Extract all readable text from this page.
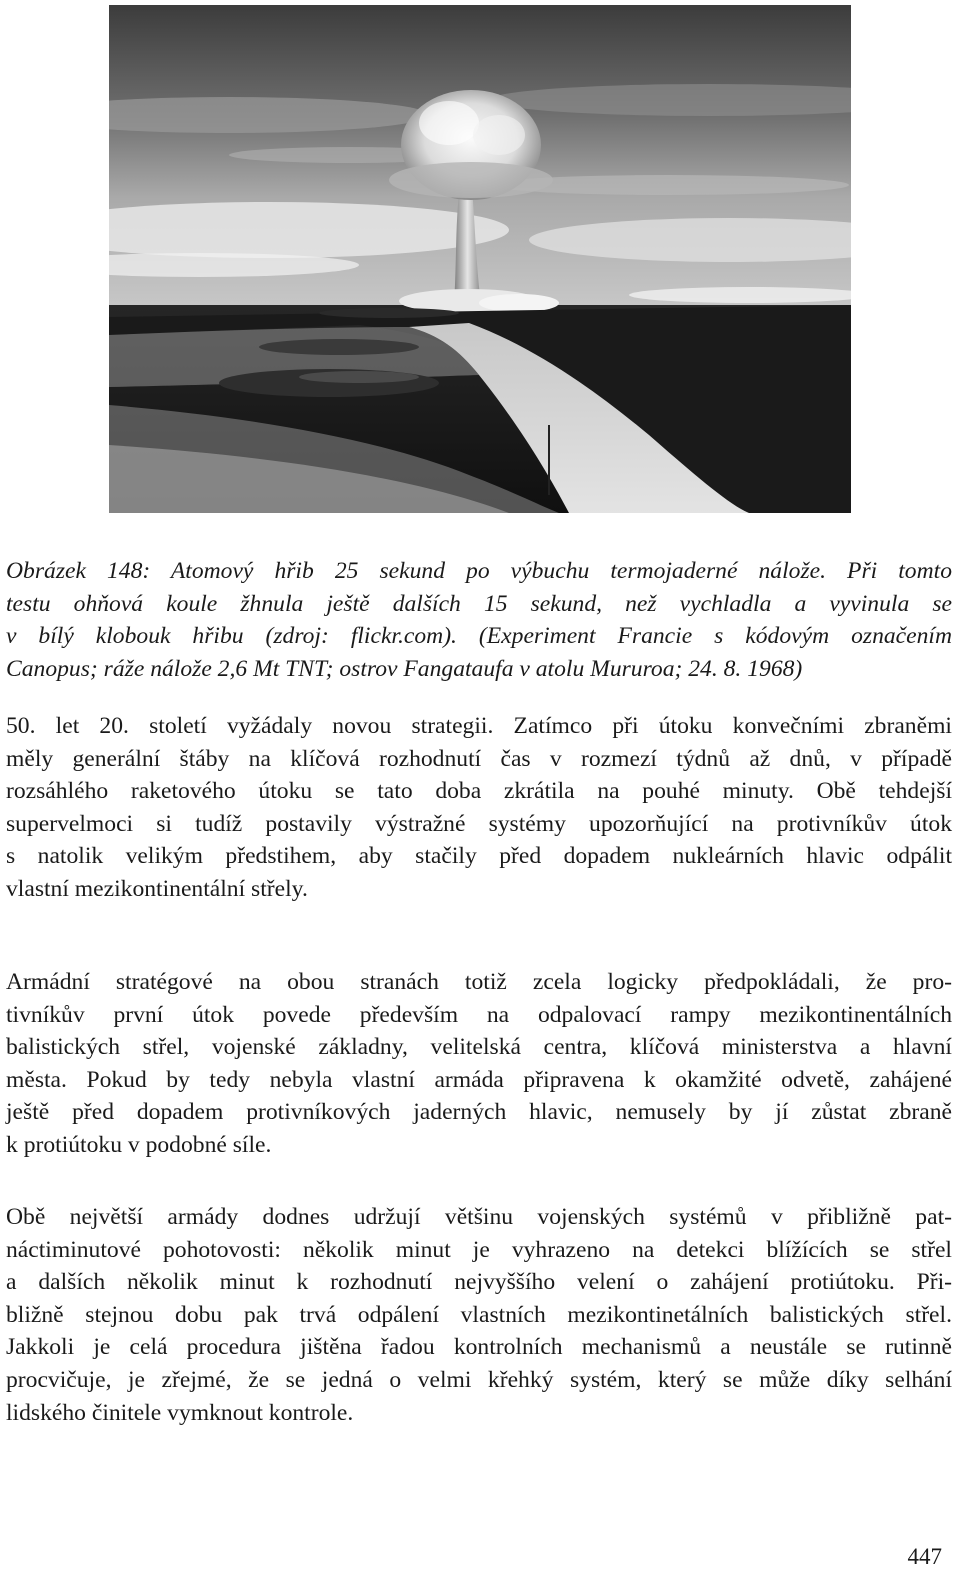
Obrázek 148: Atomový hřib 25 sekund po výbuchu termojaderné nálože. Při tomto
testu ohňová koule žhnula ještě dalších 15 sekund, než vychladla a vyvinula se
v bílý klobouk hřibu (zdroj: flickr.com). (Experiment Francie s kódovým označením
Canopus; ráže nálože 2,6 Mt TNT; ostrov Fangataufa v atolu Mururoa; 24. 8. 1968)
50. let 20. století vyžádaly novou strategii. Zatímco při útoku konvečními zbraněmi
měly generální štáby na klíčová rozhodnutí čas v rozmezí týdnů až dnů, v případě
rozsáhlého raketového útoku se tato doba zkrátila na pouhé minuty. Obě tehdejší
supervelmoci si tudíž postavily výstražné systémy upozorňující na protivníkův útok
s natolik velikým předstihem, aby stačily před dopadem nukleárních hlavic odpálit
vlastní mezikontinentální střely.
Armádní stratégové na obou stranách totiž zcela logicky předpokládali, že pro-
tivníkův první útok povede především na odpalovací rampy mezikontinentálních
balistických střel, vojenské základny, velitelská centra, klíčová ministerstva a hlavní
města. Pokud by tedy nebyla vlastní armáda připravena k okamžité odvetě, zahájené
ještě před dopadem protivníkových jaderných hlavic, nemusely by jí zůstat zbraně
k protiútoku v podobné síle.
Obě největší armády dodnes udržují většinu vojenských systémů v přibližně pat-
náctiminutové pohotovosti: několik minut je vyhrazeno na detekci blížících se střel
a dalších několik minut k rozhodnutí nejvyššího velení o zahájení protiútoku. Při-
bližně stejnou dobu pak trvá odpálení vlastních mezikontinetálních balistických střel.
Jakkoli je celá procedura jištěna řadou kontrolních mechanismů a neustále se rutinně
procvičuje, je zřejmé, že se jedná o velmi křehký systém, který se může díky selhání
lidského činitele vymknout kontrole.
447
